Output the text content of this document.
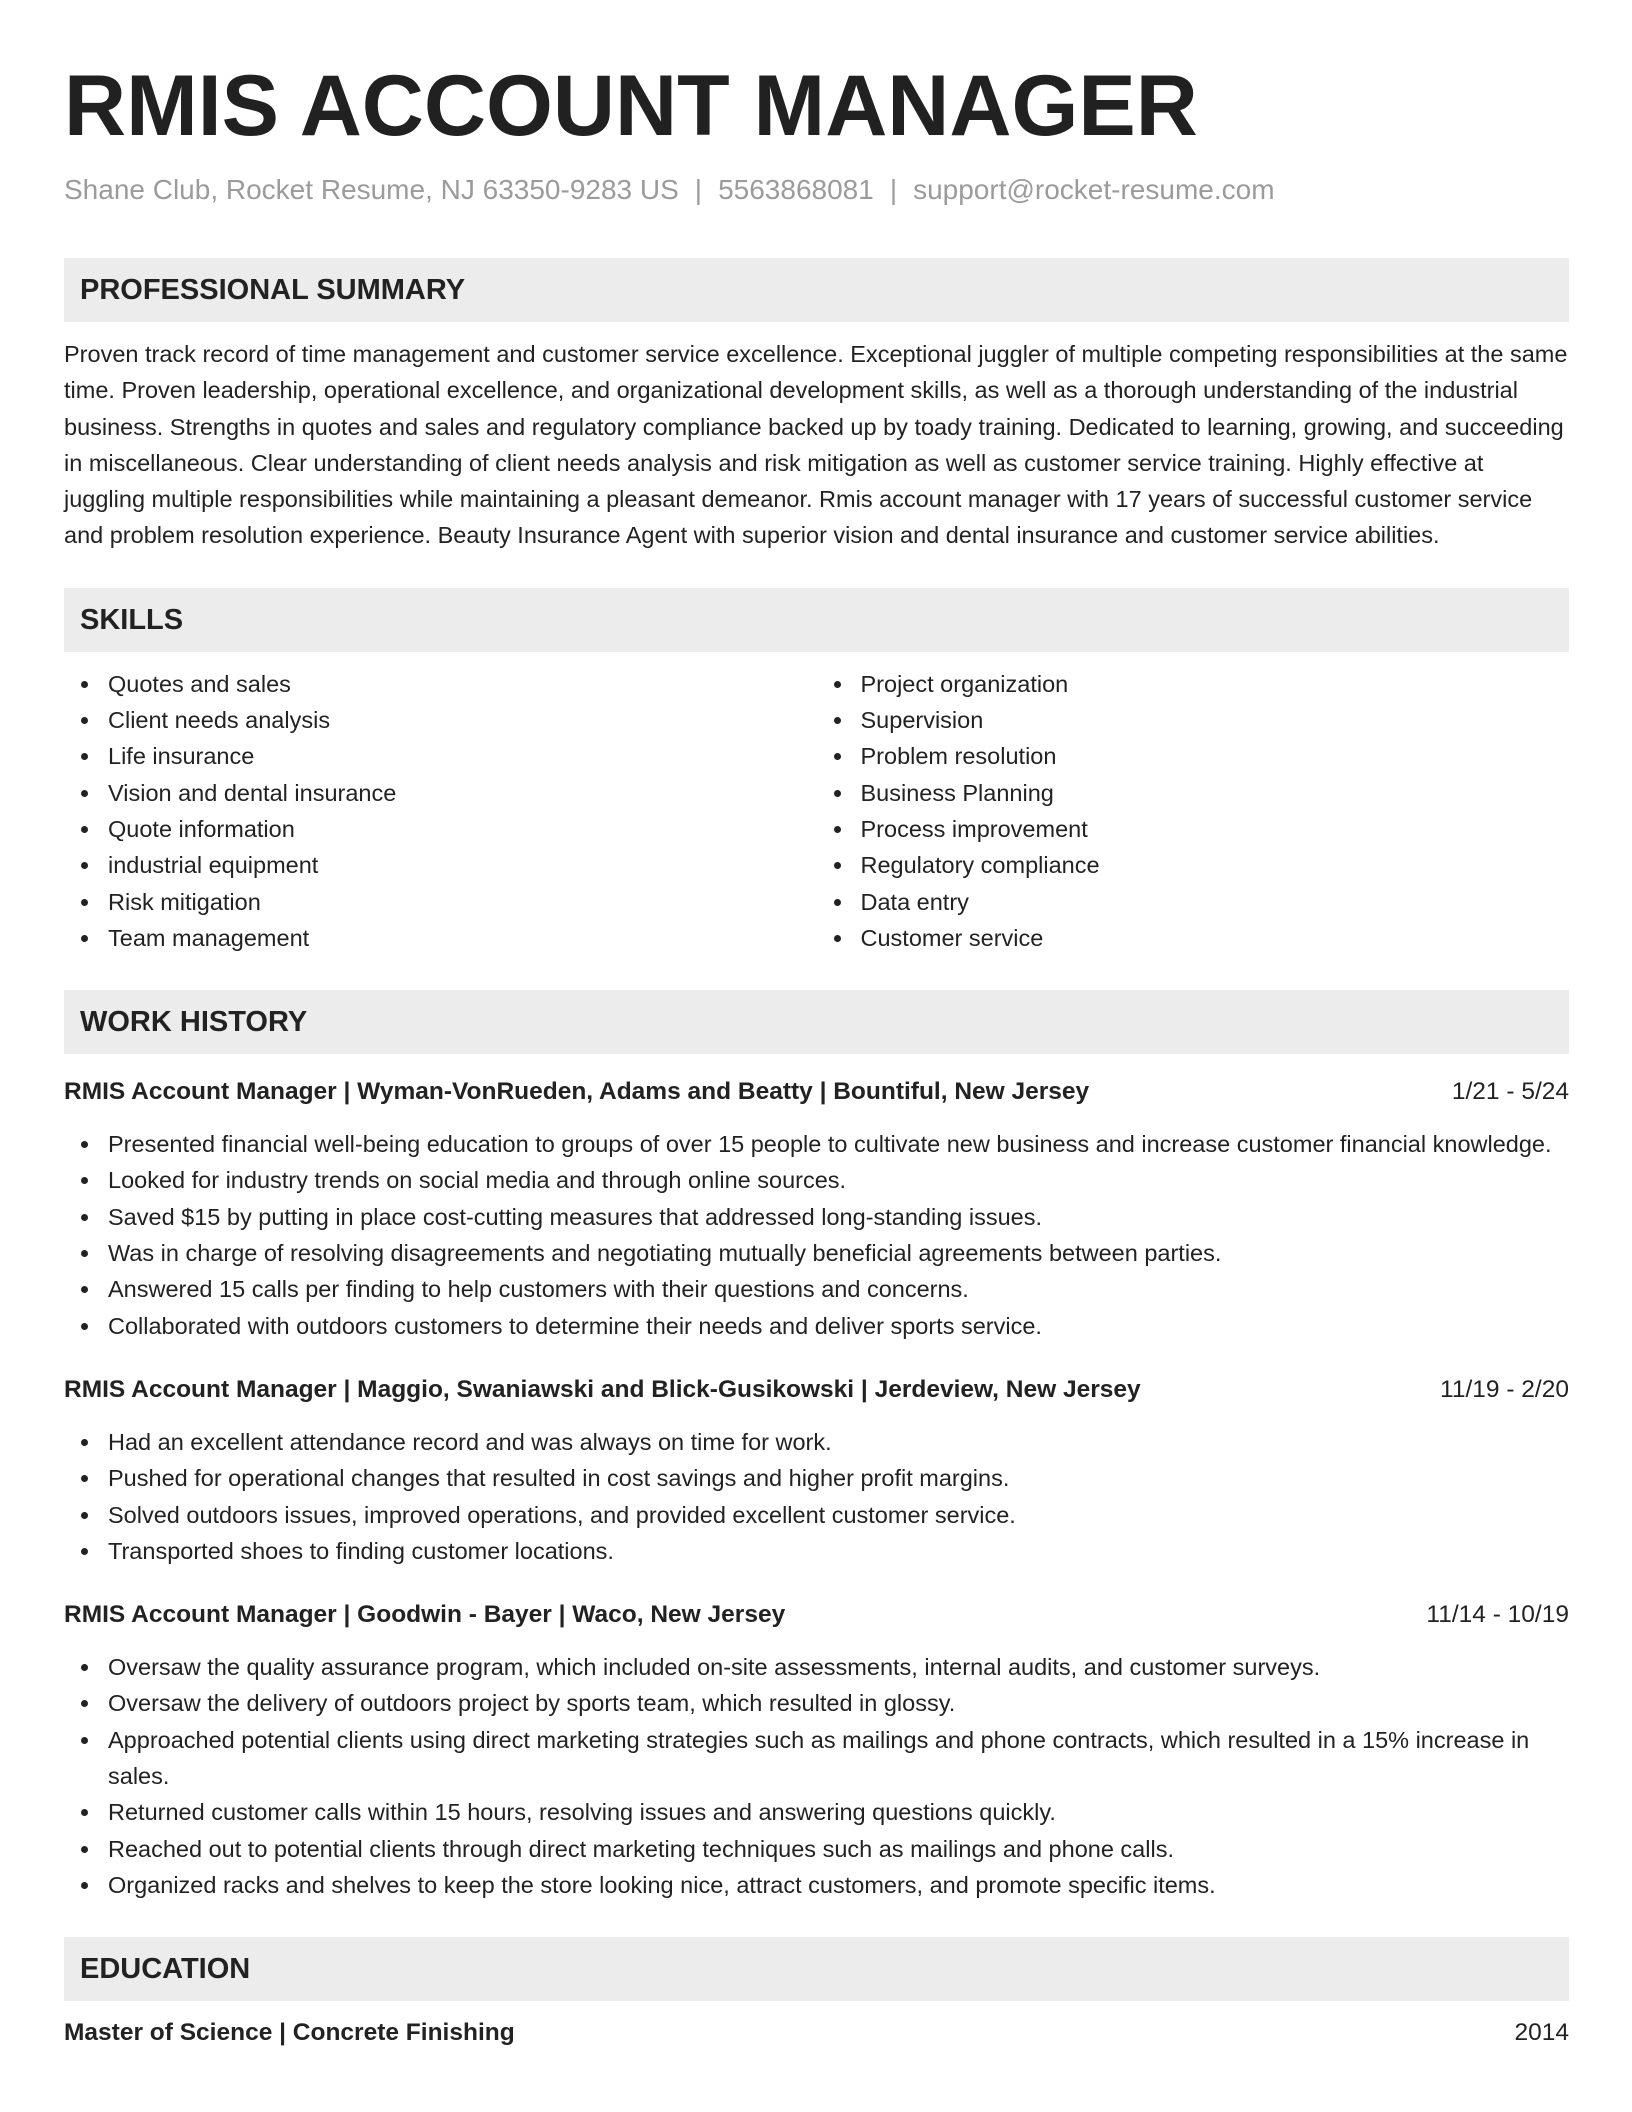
RMIS ACCOUNT MANAGER
Shane Club, Rocket Resume, NJ 63350-9283 US | 5563868081 | support@rocket-resume.com
PROFESSIONAL SUMMARY
Proven track record of time management and customer service excellence. Exceptional juggler of multiple competing responsibilities at the same time. Proven leadership, operational excellence, and organizational development skills, as well as a thorough understanding of the industrial business. Strengths in quotes and sales and regulatory compliance backed up by toady training. Dedicated to learning, growing, and succeeding in miscellaneous. Clear understanding of client needs analysis and risk mitigation as well as customer service training. Highly effective at juggling multiple responsibilities while maintaining a pleasant demeanor. Rmis account manager with 17 years of successful customer service and problem resolution experience. Beauty Insurance Agent with superior vision and dental insurance and customer service abilities.
SKILLS
Quotes and sales
Client needs analysis
Life insurance
Vision and dental insurance
Quote information
industrial equipment
Risk mitigation
Team management
Project organization
Supervision
Problem resolution
Business Planning
Process improvement
Regulatory compliance
Data entry
Customer service
WORK HISTORY
RMIS Account Manager | Wyman-VonRueden, Adams and Beatty | Bountiful, New Jersey	1/21 - 5/24
Presented financial well-being education to groups of over 15 people to cultivate new business and increase customer financial knowledge.
Looked for industry trends on social media and through online sources.
Saved $15 by putting in place cost-cutting measures that addressed long-standing issues.
Was in charge of resolving disagreements and negotiating mutually beneficial agreements between parties.
Answered 15 calls per finding to help customers with their questions and concerns.
Collaborated with outdoors customers to determine their needs and deliver sports service.
RMIS Account Manager | Maggio, Swaniawski and Blick-Gusikowski | Jerdeview, New Jersey	11/19 - 2/20
Had an excellent attendance record and was always on time for work.
Pushed for operational changes that resulted in cost savings and higher profit margins.
Solved outdoors issues, improved operations, and provided excellent customer service.
Transported shoes to finding customer locations.
RMIS Account Manager | Goodwin - Bayer | Waco, New Jersey	11/14 - 10/19
Oversaw the quality assurance program, which included on-site assessments, internal audits, and customer surveys.
Oversaw the delivery of outdoors project by sports team, which resulted in glossy.
Approached potential clients using direct marketing strategies such as mailings and phone contracts, which resulted in a 15% increase in sales.
Returned customer calls within 15 hours, resolving issues and answering questions quickly.
Reached out to potential clients through direct marketing techniques such as mailings and phone calls.
Organized racks and shelves to keep the store looking nice, attract customers, and promote specific items.
EDUCATION
Master of Science | Concrete Finishing	2014
